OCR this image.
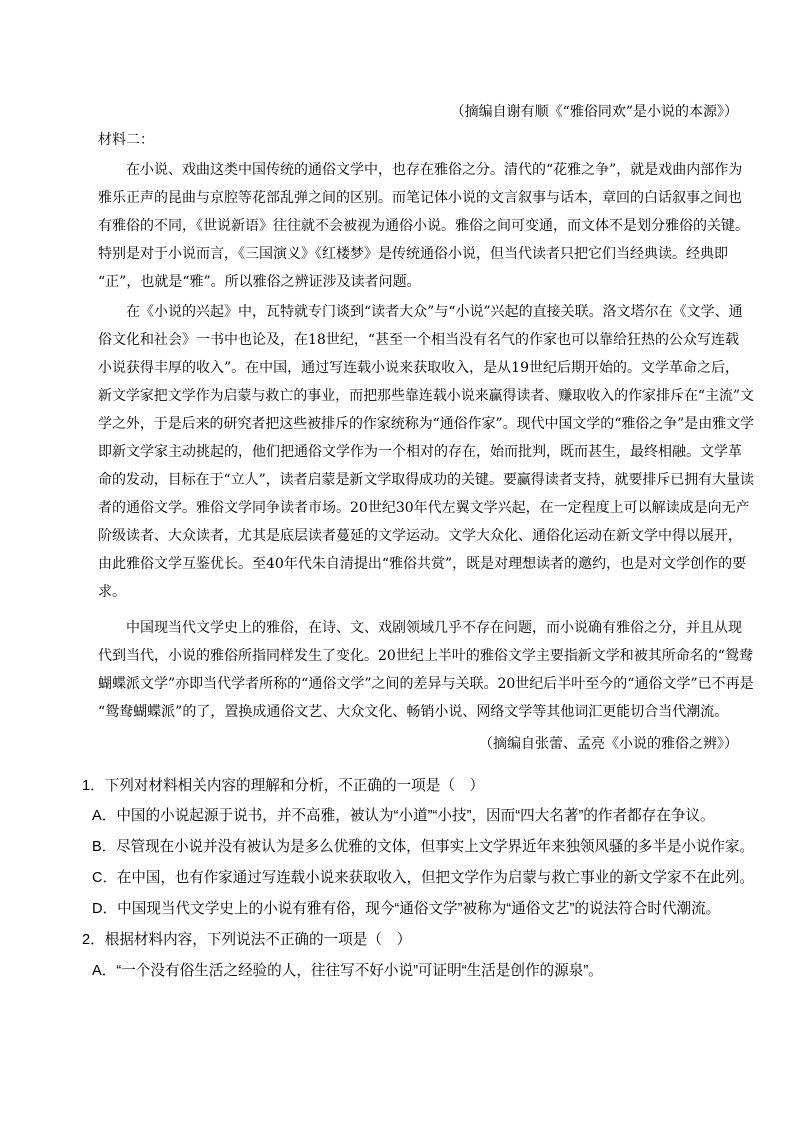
（摘编自谢有顺《“雅俗同欢”是小说的本源》）
材料二：
在小说、戏曲这类中国传统的通俗文学中，也存在雅俗之分。清代的“花雅之争”，就是戏曲内部作为
雅乐正声的昆曲与京腔等花部乱弹之间的区别。而笔记体小说的文言叙事与话本，章回的白话叙事之间也
有雅俗的不同，《世说新语》往往就不会被视为通俗小说。雅俗之间可变通，而文体不是划分雅俗的关键。
特别是对于小说而言，《三国演义》《红楼梦》是传统通俗小说，但当代读者只把它们当经典读。经典即
“正”，也就是“雅”。所以雅俗之辨证涉及读者问题。
在《小说的兴起》中，瓦特就专门谈到“读者大众”与“小说”兴起的直接关联。洛文塔尔在《文学、通
俗文化和社会》一书中也论及，在18世纪，“甚至一个相当没有名气的作家也可以靠给狂热的公众写连载
小说获得丰厚的收入”。在中国，通过写连载小说来获取收入，是从19世纪后期开始的。文学革命之后，
新文学家把文学作为启蒙与救亡的事业，而把那些靠连载小说来赢得读者、赚取收入的作家排斥在“主流”文
学之外，于是后来的研究者把这些被排斥的作家统称为“通俗作家”。现代中国文学的“雅俗之争”是由雅文学
即新文学家主动挑起的，他们把通俗文学作为一个相对的存在，始而批判，既而甚生，最终相融。文学革
命的发动，目标在于“立人”，读者启蒙是新文学取得成功的关键。要赢得读者支持，就要排斥已拥有大量读
者的通俗文学。雅俗文学同争读者市场。20世纪30年代左翼文学兴起，在一定程度上可以解读成是向无产
阶级读者、大众读者，尤其是底层读者蔓延的文学运动。文学大众化、通俗化运动在新文学中得以展开，
由此雅俗文学互鉴优长。至40年代朱自清提出“雅俗共赏”，既是对理想读者的邀约，也是对文学创作的要
求。
中国现当代文学史上的雅俗，在诗、文、戏剧领域几乎不存在问题，而小说确有雅俗之分，并且从现
代到当代，小说的雅俗所指同样发生了变化。20世纪上半叶的雅俗文学主要指新文学和被其所命名的“鸳鸯
蝴蝶派文学”亦即当代学者所称的“通俗文学”之间的差异与关联。20世纪后半叶至今的“通俗文学”已不再是
“鸳鸯蝴蝶派”的了，置换成通俗文艺、大众文化、畅销小说、网络文学等其他词汇更能切合当代潮流。
（摘编自张蕾、孟亮《小说的雅俗之辨》）
1．下列对材料相关内容的理解和分析，不正确的一项是（　）
A．中国的小说起源于说书，并不高雅，被认为“小道”“小技”，因而“四大名著”的作者都存在争议。
B．尽管现在小说并没有被认为是多么优雅的文体，但事实上文学界近年来独领风骚的多半是小说作家。
C．在中国，也有作家通过写连载小说来获取收入，但把文学作为启蒙与救亡事业的新文学家不在此列。
D．中国现当代文学史上的小说有雅有俗，现今“通俗文学”被称为“通俗文艺”的说法符合时代潮流。
2．根据材料内容，下列说法不正确的一项是（　）
A．“一个没有俗生活之经验的人，往往写不好小说”可证明“生活是创作的源泉”。
